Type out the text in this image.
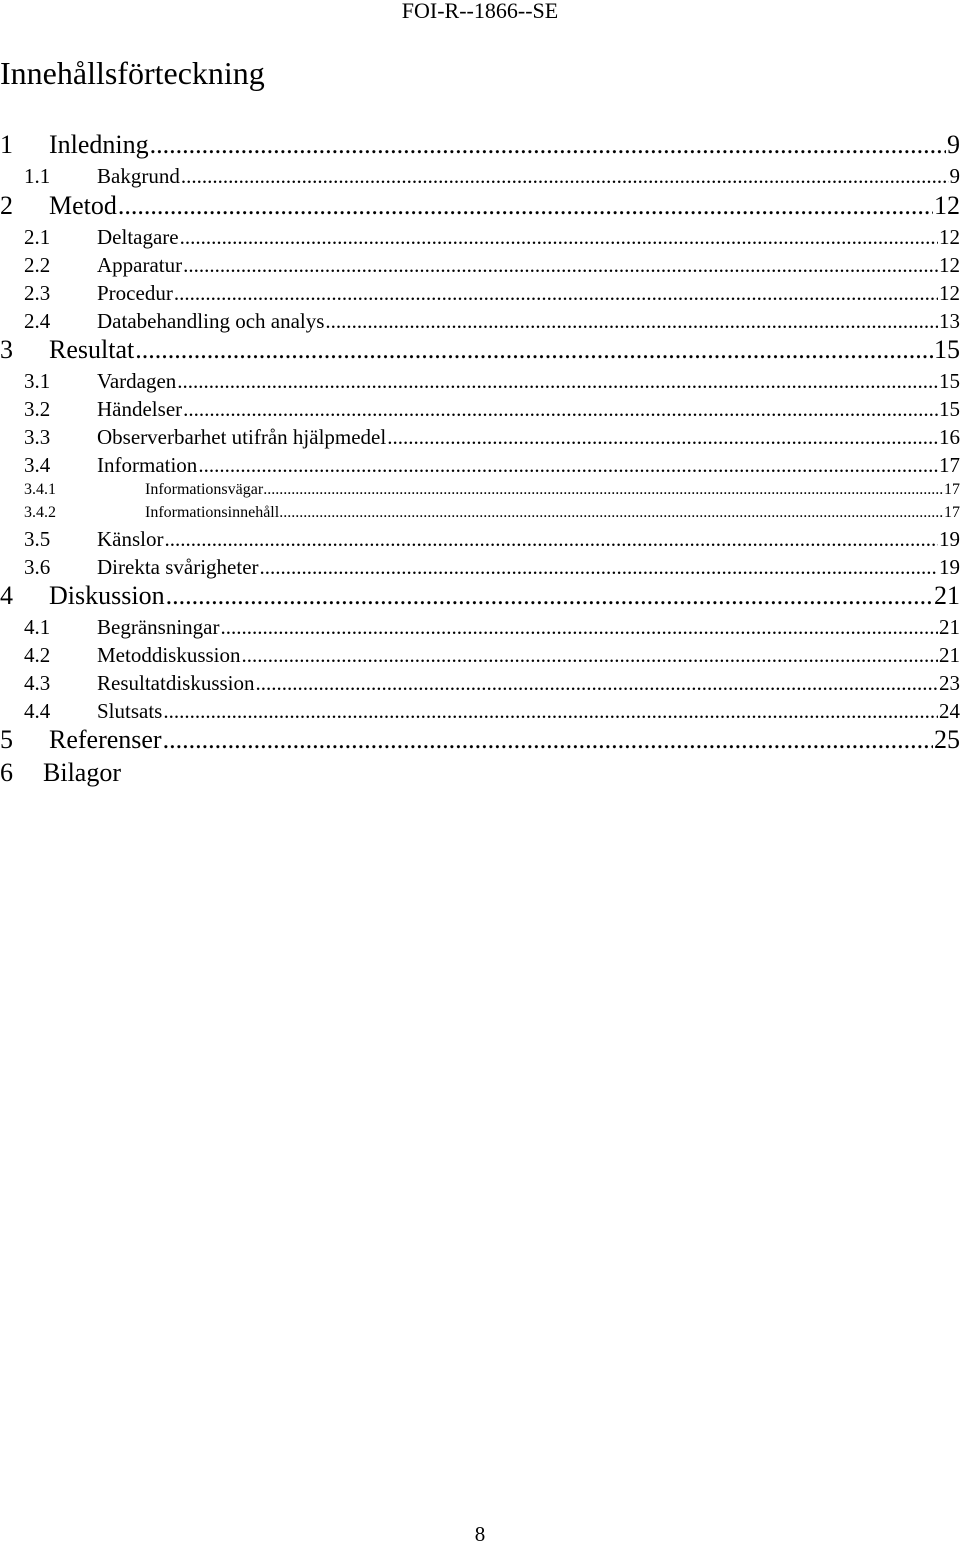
FOI-R--1866--SE
Innehållsförteckning
1	Inledning .....	9
1.1	Bakgrund .....	9
2	Metod .....	12
2.1	Deltagare .....	12
2.2	Apparatur .....	12
2.3	Procedur .....	12
2.4	Databehandling och analys .....	13
3	Resultat .....	15
3.1	Vardagen .....	15
3.2	Händelser .....	15
3.3	Observerbarhet utifrån hjälpmedel .....	16
3.4	Information .....	17
3.4.1	Informationsvägar .....	17
3.4.2	Informationsinnehåll .....	17
3.5	Känslor .....	19
3.6	Direkta svårigheter .....	19
4	Diskussion .....	21
4.1	Begränsningar .....	21
4.2	Metoddiskussion .....	21
4.3	Resultatdiskussion .....	23
4.4	Slutsats .....	24
5	Referenser .....	25
6	Bilagor
8
